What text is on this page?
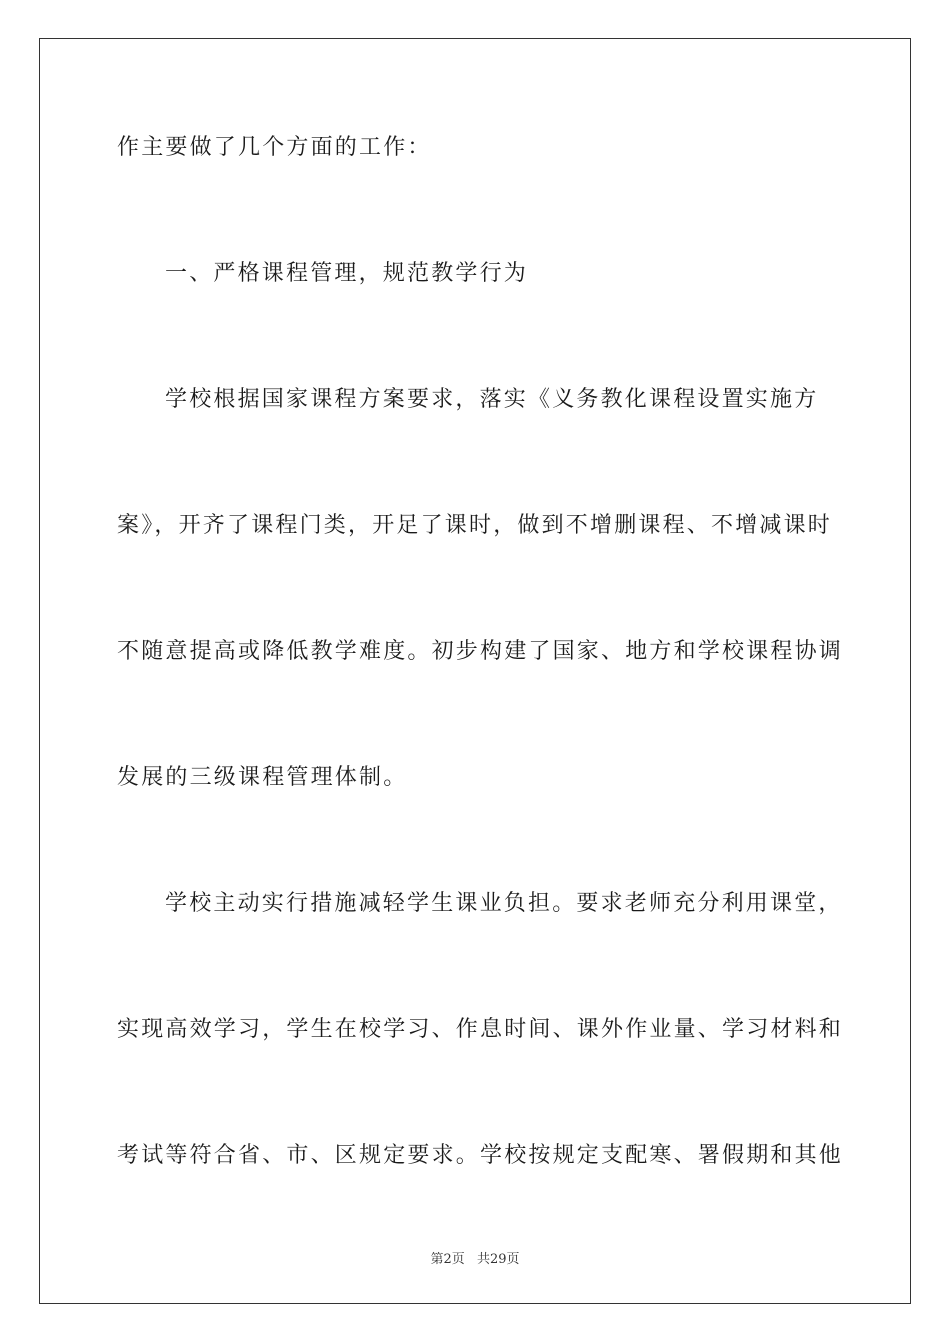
作主要做了几个方面的工作：
一、严格课程管理，规范教学行为
学校根据国家课程方案要求，落实《义务教化课程设置实施方
案》，开齐了课程门类，开足了课时，做到不增删课程、不增减课时
不随意提高或降低教学难度。初步构建了国家、地方和学校课程协调
发展的三级课程管理体制。
学校主动实行措施减轻学生课业负担。要求老师充分利用课堂，
实现高效学习，学生在校学习、作息时间、课外作业量、学习材料和
考试等符合省、市、区规定要求。学校按规定支配寒、署假期和其他
第2页 共29页
